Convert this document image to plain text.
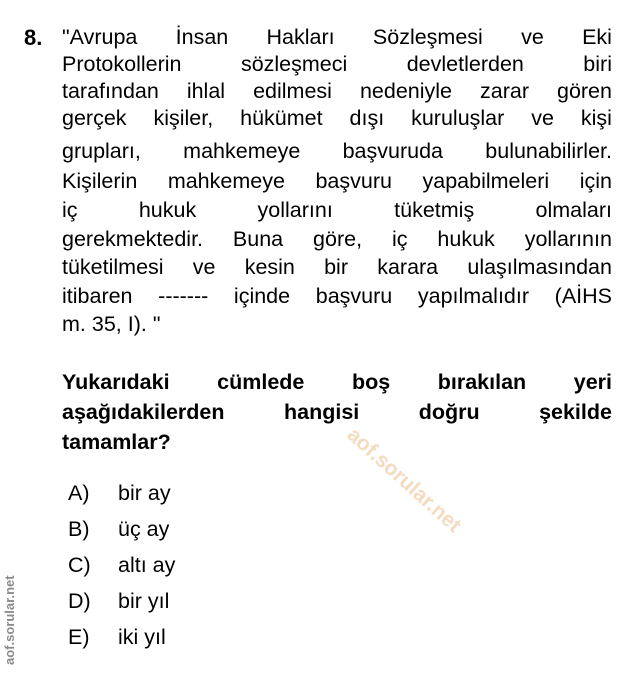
aof.sorular.net
aof.sorular.net
8. "Avrupa İnsan Hakları Sözleşmesi ve Eki
Protokollerin	sözleşmeci	devletlerden	biri
tarafından ihlal edilmesi nedeniyle zarar gören
gerçek kişiler, hükümet dışı kuruluşlar ve kişi
grupları, mahkemeye başvuruda bulunabilirler.
Kişilerin mahkemeye başvuru yapabilmeleri için
iç	hukuk	yollarını	tüketmiş	olmaları
gerekmektedir. Buna göre, iç hukuk yollarının
tüketilmesi ve kesin bir karara ulaşılmasından
itibaren ------- içinde başvuru yapılmalıdır (AİHS
m. 35, I). "
Yukarıdaki cümlede boş bırakılan yeri
aşağıdakilerden	hangisi	doğru	şekilde
tamamlar?
A) bir ay
B) üç ay
C) altı ay
D) bir yıl
E) iki yıl
